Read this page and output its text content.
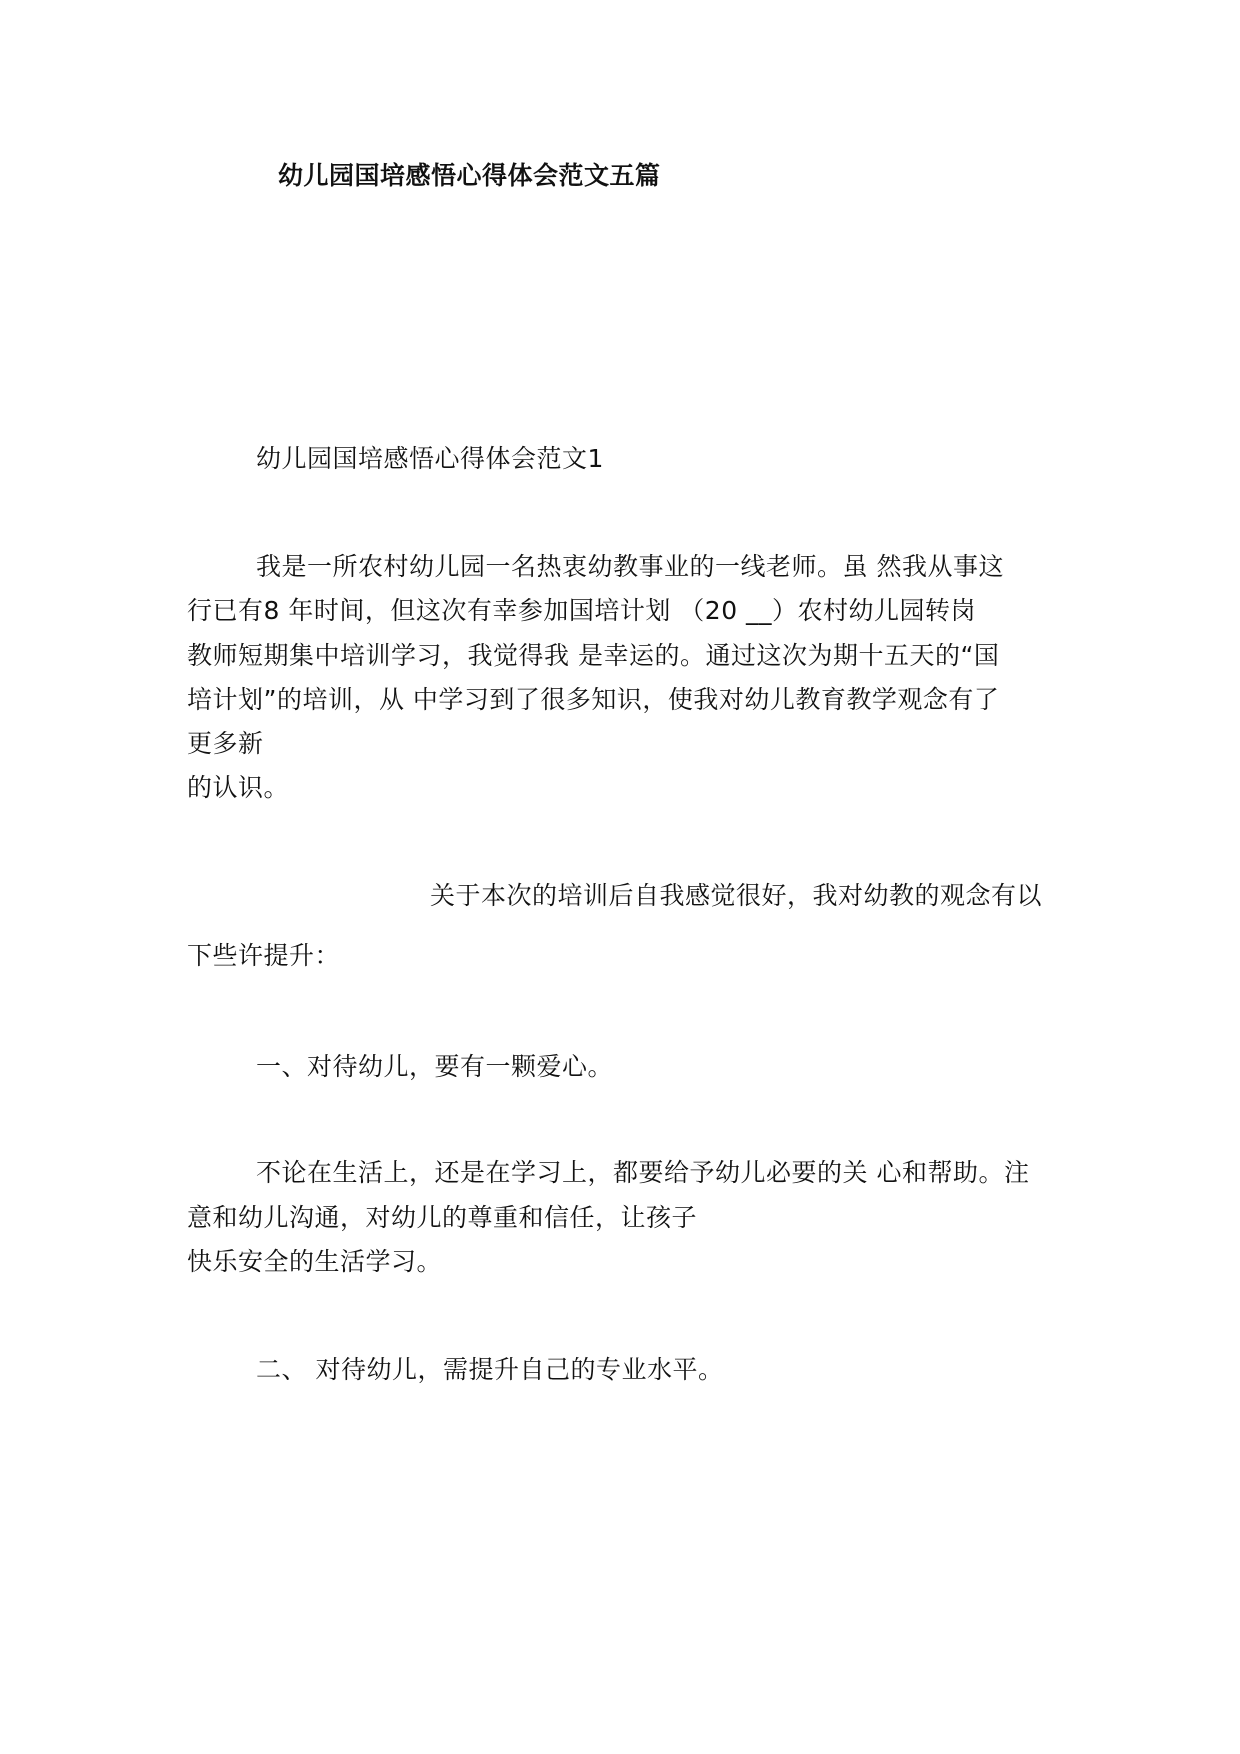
幼儿园国培感悟心得体会范文五篇
幼儿园国培感悟心得体会范文1
我是一所农村幼儿园一名热衷幼教事业的一线老师。虽 然我从事这
行已有8 年时间，但这次有幸参加国培计划 （20 __）农村幼儿园转岗
教师短期集中培训学习，我觉得我 是幸运的。通过这次为期十五天的“国
培计划”的培训，从 中学习到了很多知识，使我对幼儿教育教学观念有了
更多新
的认识。
关于本次的培训后自我感觉很好，我对幼教的观念有以
下些许提升：
一、对待幼儿，要有一颗爱心。
不论在生活上，还是在学习上，都要给予幼儿必要的关 心和帮助。注
意和幼儿沟通，对幼儿的尊重和信任，让孩子
快乐安全的生活学习。
二、 对待幼儿，需提升自己的专业水平。
